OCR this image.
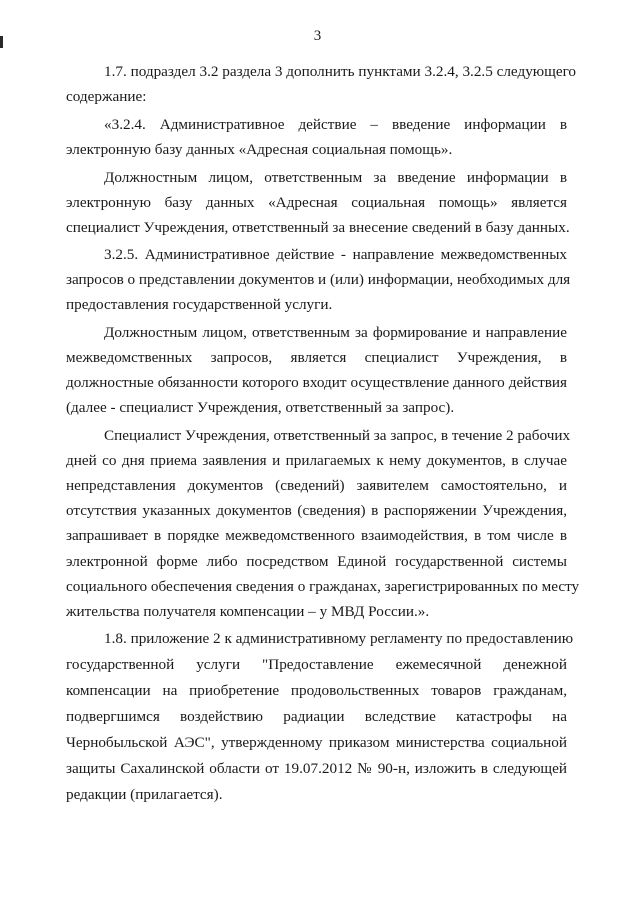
3
1.7. подраздел 3.2 раздела 3 дополнить пунктами 3.2.4, 3.2.5 следующего
содержание:
«3.2.4. Административное действие – введение информации в
электронную базу данных «Адресная социальная помощь».
Должностным лицом, ответственным за введение информации в
электронную базу данных «Адресная социальная помощь» является
специалист Учреждения, ответственный за внесение сведений в базу данных.
3.2.5. Административное действие - направление межведомственных
запросов о представлении документов и (или) информации, необходимых для
предоставления государственной услуги.
Должностным лицом, ответственным за формирование и направление
межведомственных запросов, является специалист Учреждения, в
должностные обязанности которого входит осуществление данного действия
(далее - специалист Учреждения, ответственный за запрос).
Специалист Учреждения, ответственный за запрос, в течение 2 рабочих
дней со дня приема заявления и прилагаемых к нему документов, в случае
непредставления документов (сведений) заявителем самостоятельно, и
отсутствия указанных документов (сведения) в распоряжении Учреждения,
запрашивает в порядке межведомственного взаимодействия, в том числе в
электронной форме либо посредством Единой государственной системы
социального обеспечения сведения о гражданах, зарегистрированных по месту
жительства получателя компенсации – у МВД России.».
1.8. приложение 2 к административному регламенту по предоставлению
государственной услуги "Предоставление ежемесячной денежной
компенсации на приобретение продовольственных товаров гражданам,
подвергшимся воздействию радиации вследствие катастрофы на
Чернобыльской АЭС", утвержденному приказом министерства социальной
защиты Сахалинской области от 19.07.2012 № 90-н, изложить в следующей
редакции (прилагается).
